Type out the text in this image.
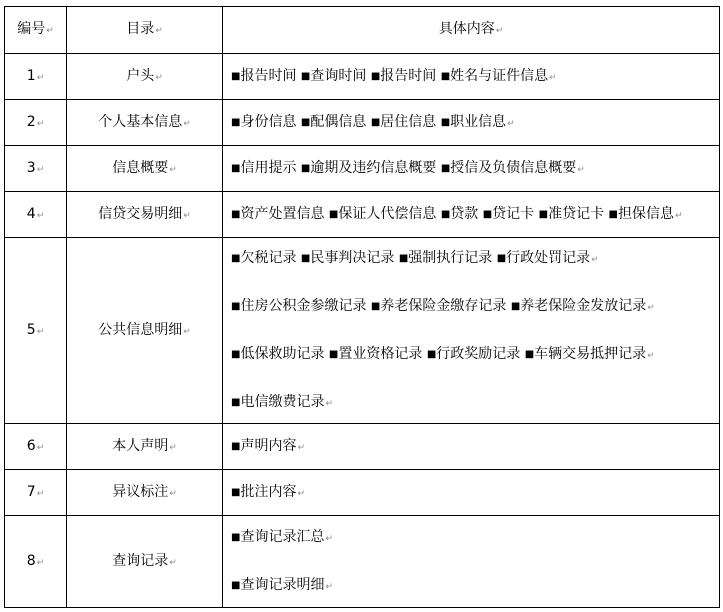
编号↵	目录↵	具体内容↵
1↵	户头↵	■报告时间 ■查询时间 ■报告时间 ■姓名与证件信息↵

2↵	个人基本信息↵	■身份信息 ■配偶信息 ■居住信息 ■职业信息↵

3↵	信息概要↵	■信用提示 ■逾期及违约信息概要 ■授信及负债信息概要↵

4↵	信贷交易明细↵	■资产处置信息 ■保证人代偿信息 ■贷款 ■贷记卡 ■准贷记卡 ■担保信息↵

5↵	公共信息明细↵	■欠税记录 ■民事判决记录 ■强制执行记录 ■行政处罚记录↵
■住房公积金参缴记录 ■养老保险金缴存记录 ■养老保险金发放记录↵
■低保救助记录 ■置业资格记录 ■行政奖励记录 ■车辆交易抵押记录↵
■电信缴费记录↵

6↵	本人声明↵	■声明内容↵

7↵	异议标注↵	■批注内容↵

8↵	查询记录↵	■查询记录汇总↵
■查询记录明细↵
